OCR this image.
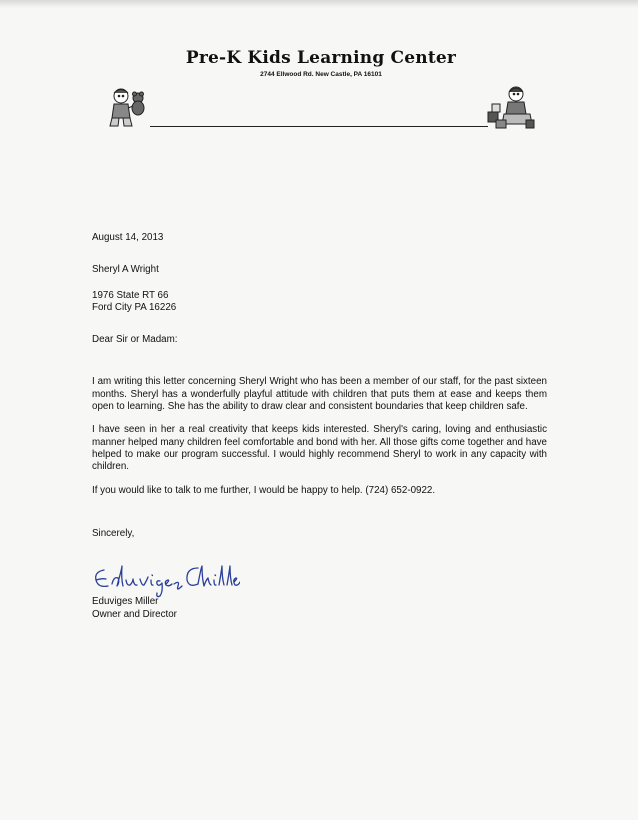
Pre-K Kids Learning Center
2744 Ellwood Rd. New Castle, PA 16101
August 14, 2013
Sheryl A Wright
1976 State RT 66
Ford City PA 16226
Dear Sir or Madam:

I am writing this letter concerning Sheryl Wright who has been a member of our staff, for the past sixteen months. Sheryl has a wonderfully playful attitude with children that puts them at ease and keeps them open to learning. She has the ability to draw clear and consistent boundaries that keep children safe.

I have seen in her a real creativity that keeps kids interested. Sheryl's caring, loving and enthusiastic manner helped many children feel comfortable and bond with her. All those gifts come together and have helped to make our program successful. I would highly recommend Sheryl to work in any capacity with children.

If you would like to talk to me further, I would be happy to help. (724) 652-0922.

Sincerely,
Eduviges Miller
Owner and Director
